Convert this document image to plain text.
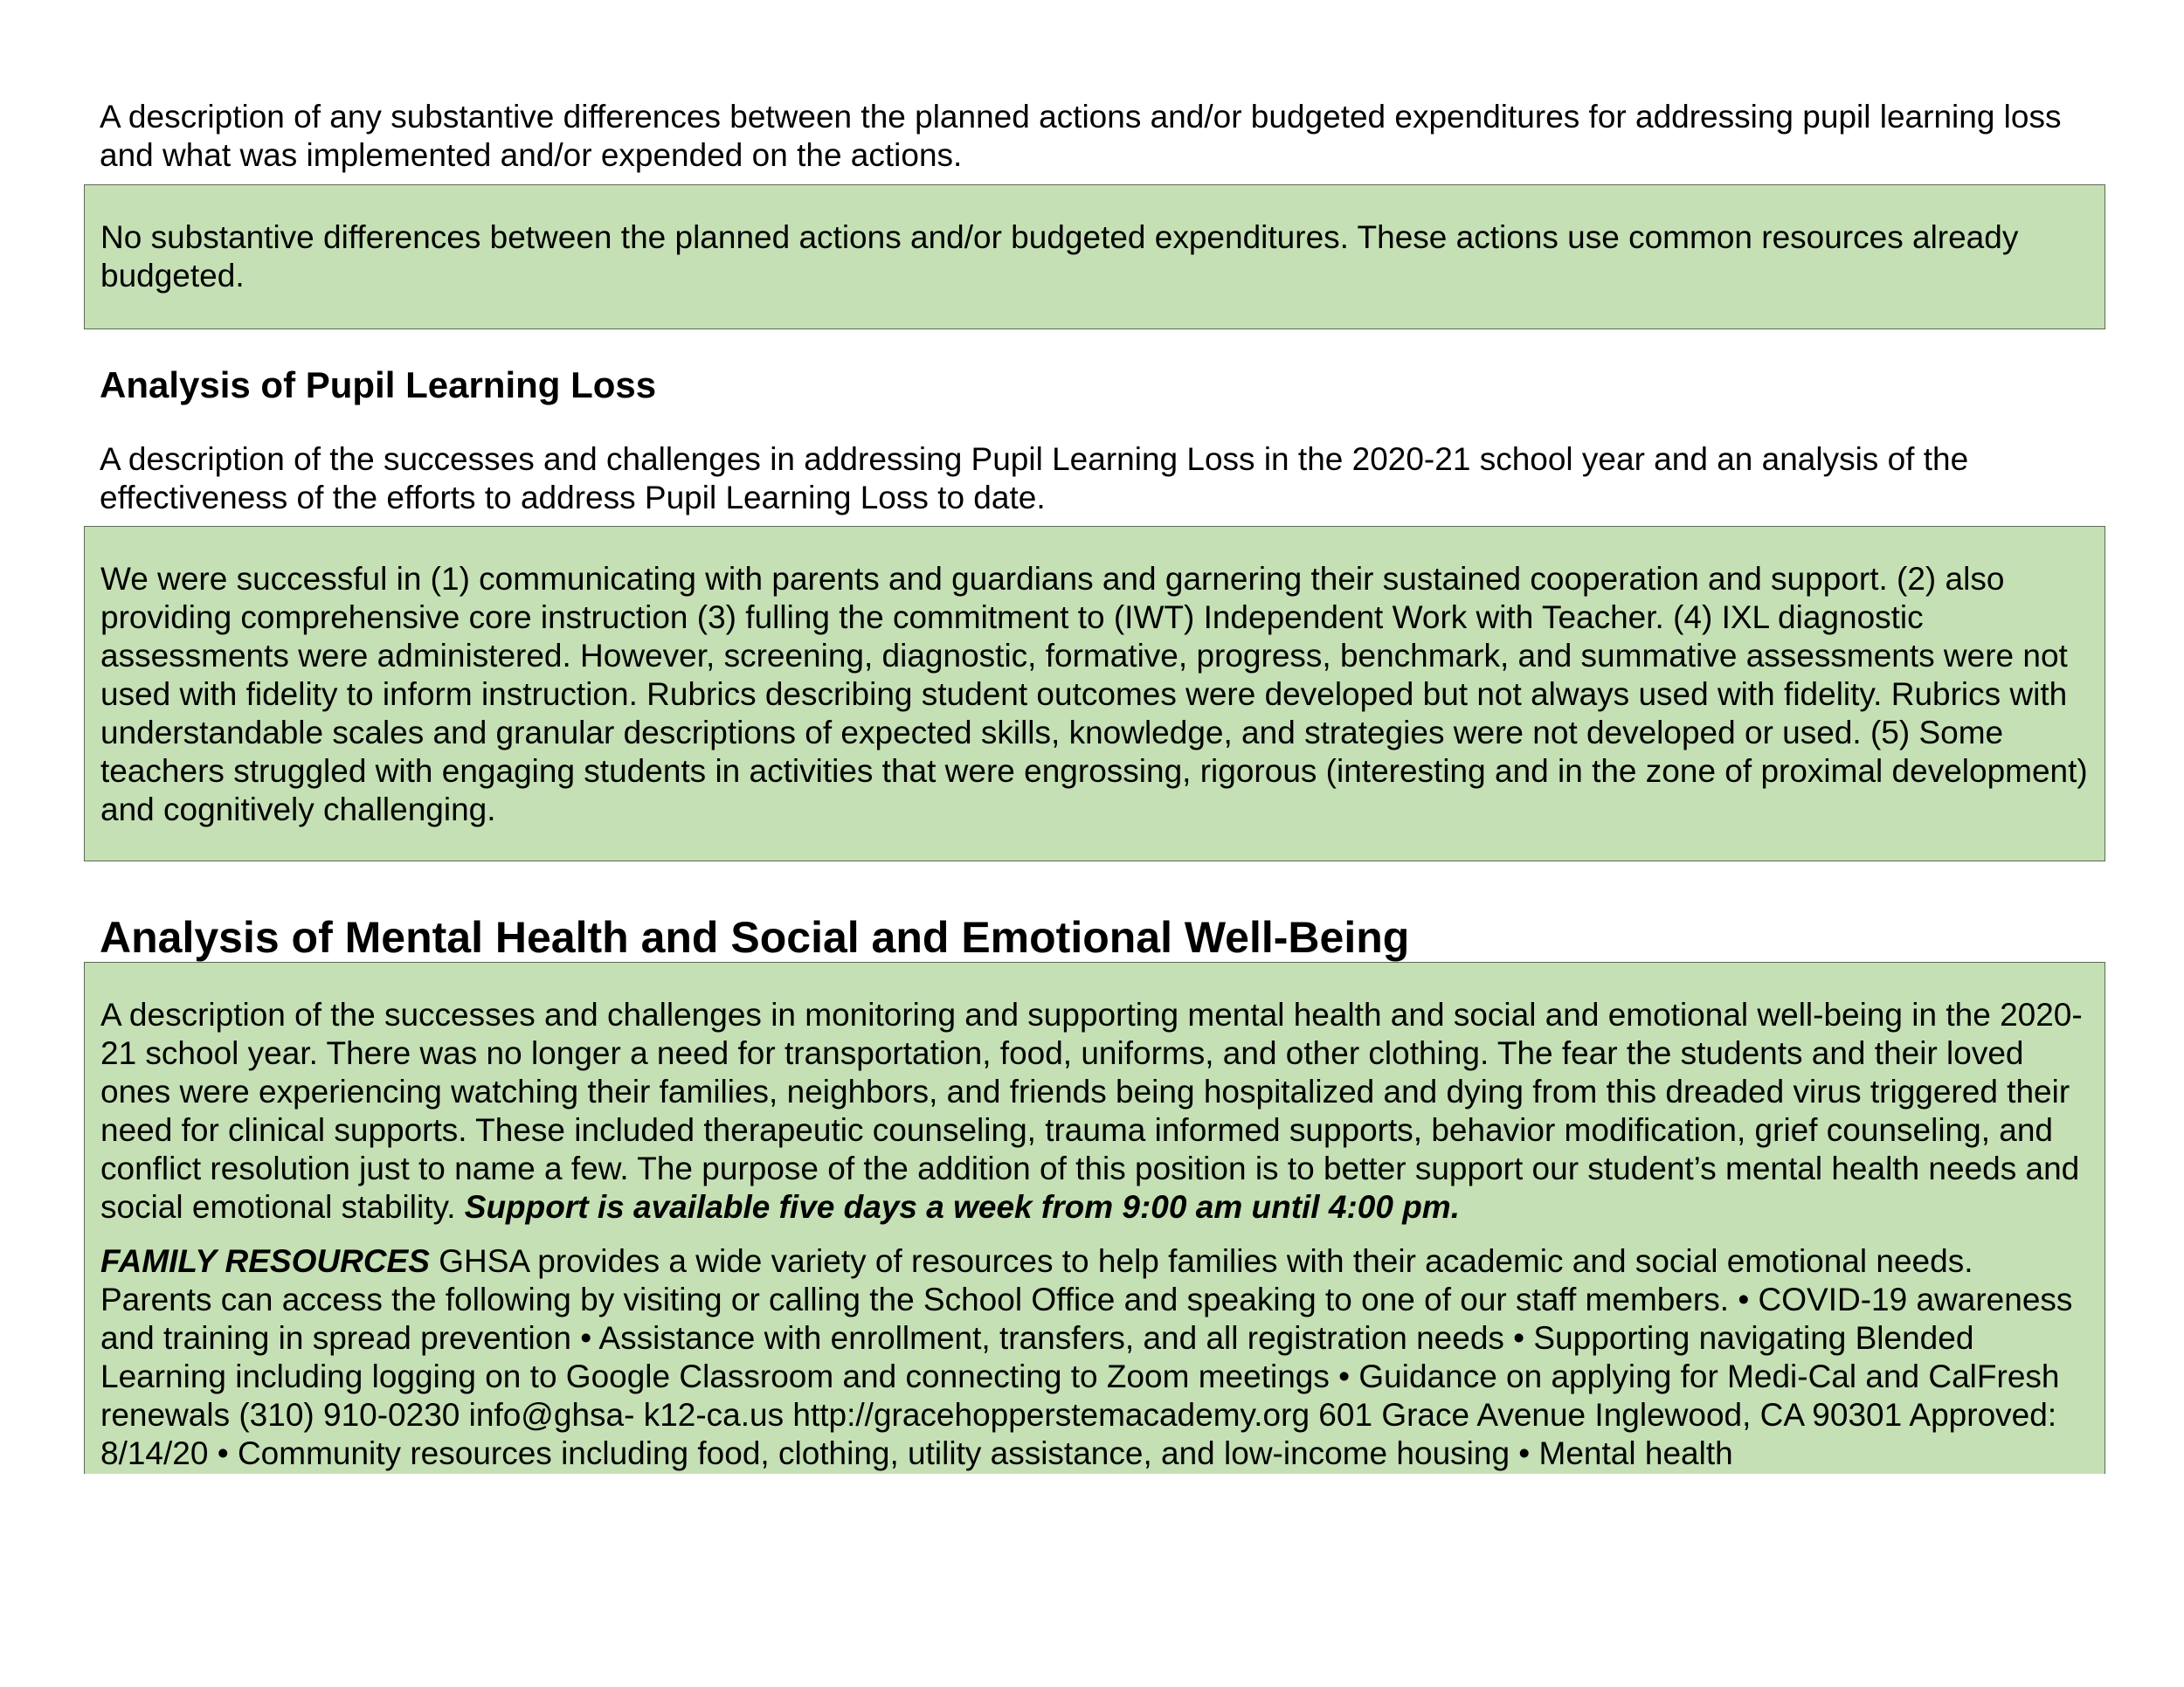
A description of any substantive differences between the planned actions and/or budgeted expenditures for addressing pupil learning loss and what was implemented and/or expended on the actions.

No substantive differences between the planned actions and/or budgeted expenditures. These actions use common resources already budgeted.

Analysis of Pupil Learning Loss
A description of the successes and challenges in addressing Pupil Learning Loss in the 2020-21 school year and an analysis of the effectiveness of the efforts to address Pupil Learning Loss to date.

We were successful in (1) communicating with parents and guardians and garnering their sustained cooperation and support. (2) also providing comprehensive core instruction (3) fulling the commitment to (IWT) Independent Work with Teacher. (4) IXL diagnostic assessments were administered. However, screening, diagnostic, formative, progress, benchmark, and summative assessments were not used with fidelity to inform instruction. Rubrics describing student outcomes were developed but not always used with fidelity. Rubrics with understandable scales and granular descriptions of expected skills, knowledge, and strategies were not developed or used. (5) Some teachers struggled with engaging students in activities that were engrossing, rigorous (interesting and in the zone of proximal development) and cognitively challenging.

Analysis of Mental Health and Social and Emotional Well-Being

A description of the successes and challenges in monitoring and supporting mental health and social and emotional well-being in the 2020-21 school year. There was no longer a need for transportation, food, uniforms, and other clothing. The fear the students and their loved ones were experiencing watching their families, neighbors, and friends being hospitalized and dying from this dreaded virus triggered their need for clinical supports. These included therapeutic counseling, trauma informed supports, behavior modification, grief counseling, and conflict resolution just to name a few. The purpose of the addition of this position is to better support our student’s mental health needs and social emotional stability. Support is available five days a week from 9:00 am until 4:00 pm.

FAMILY RESOURCES GHSA provides a wide variety of resources to help families with their academic and social emotional needs. Parents can access the following by visiting or calling the School Office and speaking to one of our staff members. • COVID-19 awareness and training in spread prevention • Assistance with enrollment, transfers, and all registration needs • Supporting navigating Blended Learning including logging on to Google Classroom and connecting to Zoom meetings • Guidance on applying for Medi-Cal and CalFresh renewals (310) 910-0230 info@ghsa- k12-ca.us http://gracehopperstemacademy.org 601 Grace Avenue Inglewood, CA 90301 Approved: 8/14/20 • Community resources including food, clothing, utility assistance, and low-income housing • Mental health
